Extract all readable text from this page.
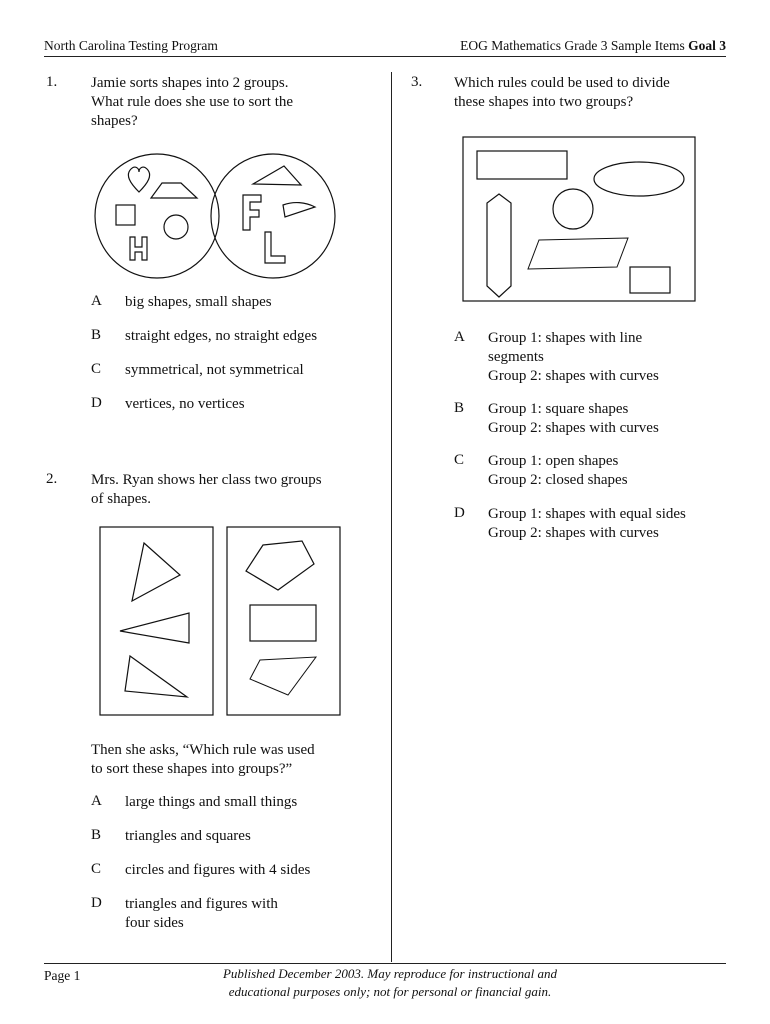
North Carolina Testing Program	EOG Mathematics Grade 3 Sample Items Goal 3
1. Jamie sorts shapes into 2 groups.
What rule does she use to sort the
shapes?
A big shapes, small shapes
B straight edges, no straight edges
C symmetrical, not symmetrical
D vertices, no vertices
2. Mrs. Ryan shows her class two groups
of shapes.
Then she asks, “Which rule was used
to sort these shapes into groups?”
A large things and small things
B triangles and squares
C circles and figures with 4 sides
D triangles and figures with
four sides
3. Which rules could be used to divide
these shapes into two groups?
A Group 1: shapes with line
segments
Group 2: shapes with curves
B Group 1: square shapes
Group 2: shapes with curves
C Group 1: open shapes
Group 2: closed shapes
D Group 1: shapes with equal sides
Group 2: shapes with curves
Page 1	Published December 2003. May reproduce for instructional and
educational purposes only; not for personal or financial gain.
